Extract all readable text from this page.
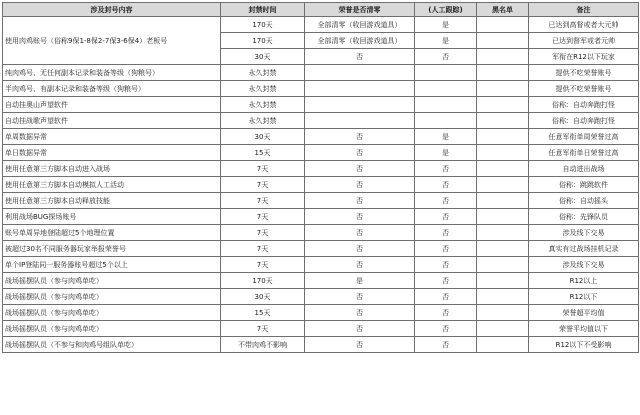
涉及封号内容	封禁时间	荣誉是否清零	(人工跟踪)	黑名单	备注
使用肉鸡账号（俗称9保1-8保2-7保3-6保4）老板号	170天	全部清零（收回游戏道具）	是		已达到高督或者大元帅
	170天	全部清零（收回游戏道具）	是		已达到督军或者元帅
	30天	否	否		军衔在R12以下玩家
纯肉鸡号、无任何副本记录和装备等级（狗粮号）	永久封禁				提供不吃荣誉账号
半肉鸡号、有副本记录和装备等级（狗粮号）	永久封禁				提供不吃荣誉账号
自动挂奥山声望软件	永久封禁				俗称：自动奔跑打怪
自动挂战歌声望软件	永久封禁				俗称：自动奔跑打怪
单周数据异常	30天	否	是		任意军衔单周荣誉过高
单日数据异常	15天	否	是		任意军衔单日荣誉过高
使用任意第三方脚本自动进入战场	7天	否	否		自动进出战场
使用任意第三方脚本自动模拟人工活动	7天	否	否		俗称：跳跳软件
使用任意第三方脚本自动释放技能	7天	否	否		俗称：自动摇头
利用战场BUG探场账号	7天	否	否		俗称：先锋队员
账号单周异地登陆超过5个地理位置	7天	否	否		涉及线下交易
被超过30名不同服务器玩家举报荣誉号	7天	否	否		真实有过战场挂机记录
单个IP登陆同一服务器账号超过5个以上	7天	否	否		涉及线下交易
战场摇摆队员（参与肉鸡单吃）	170天	是	否		R12以上
战场摇摆队员（参与肉鸡单吃）	30天	否	否		R12以下
战场摇摆队员（参与肉鸡单吃）	15天	否	否		荣誉超平均值
战场摇摆队员（参与肉鸡单吃）	7天	否	否		荣誉平均值以下
战场摇摆队员（不参与和肉鸡号组队单吃）	不带肉鸡不影响	否	否		R12以下不受影响
